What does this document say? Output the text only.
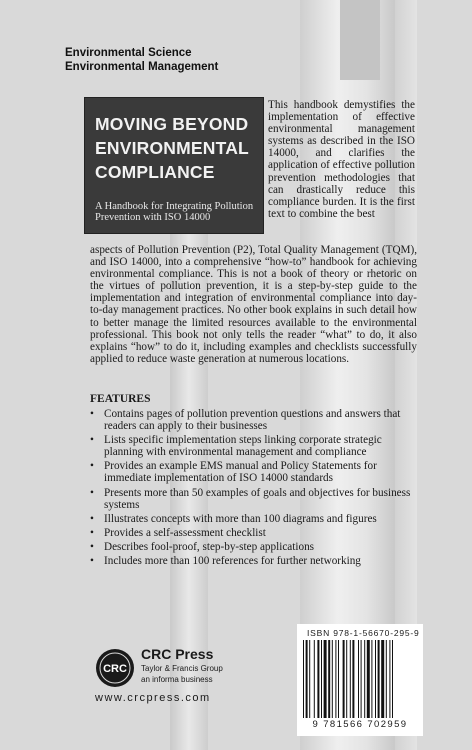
Environmental Science
Environmental Management
MOVING BEYOND
ENVIRONMENTAL
COMPLIANCE
A Handbook for Integrating Pollution Prevention with ISO 14000
This handbook demystifies the implementation of effective environmental management systems as described in the ISO 14000, and clarifies the application of effective pollution prevention methodologies that can drastically reduce this compliance burden. It is the first text to combine the best
aspects of Pollution Prevention (P2), Total Quality Management (TQM), and ISO 14000, into a comprehensive “how-to” handbook for achieving environmental compliance. This is not a book of theory or rhetoric on the virtues of pollution prevention, it is a step-by-step guide to the implementation and integration of environmental compliance into day-to-day management practices. No other book explains in such detail how to better manage the limited resources available to the environmental professional. This book not only tells the reader “what” to do, it also explains “how” to do it, including examples and checklists successfully applied to reduce waste generation at numerous locations.
FEATURES
• Contains pages of pollution prevention questions and answers that readers can apply to their businesses
• Lists specific implementation steps linking corporate strategic planning with environmental management and compliance
• Provides an example EMS manual and Policy Statements for immediate implementation of ISO 14000 standards
• Presents more than 50 examples of goals and objectives for business systems
• Illustrates concepts with more than 100 diagrams and figures
• Provides a self-assessment checklist
• Describes fool-proof, step-by-step applications
• Includes more than 100 references for further networking
CRC
CRC Press
Taylor & Francis Group
an informa business
www.crcpress.com
ISBN 978-1-56670-295-9
9 781566 702959
